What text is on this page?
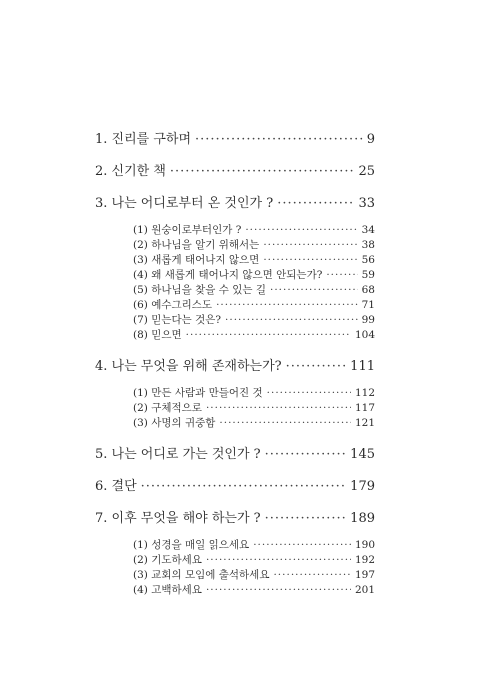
1. 진리를 구하며 ·····	9
2. 신기한 책 ·····	25
3. 나는 어디로부터 온 것인가 ? ·····	33
(1) 원숭이로부터인가 ? ·····	34
(2) 하나님을 알기 위해서는 ·····	38
(3) 새롭게 태어나지 않으면 ·····	56
(4) 왜 새롭게 태어나지 않으면 안되는가? ·····	59
(5) 하나님을 찾을 수 있는 길 ·····	68
(6) 예수그리스도 ·····	71
(7) 믿는다는 것은? ·····	99
(8) 믿으면 ·····	104
4. 나는 무엇을 위해 존재하는가? ·····	111
(1) 만든 사람과 만들어진 것 ·····	112
(2) 구체적으로 ·····	117
(3) 사명의 귀중함 ·····	121
5. 나는 어디로 가는 것인가 ? ·····	145
6. 결단 ·····	179
7. 이후 무엇을 해야 하는가 ? ·····	189
(1) 성경을 매일 읽으세요 ·····	190
(2) 기도하세요 ·····	192
(3) 교회의 모임에 출석하세요 ·····	197
(4) 고백하세요 ·····	201
